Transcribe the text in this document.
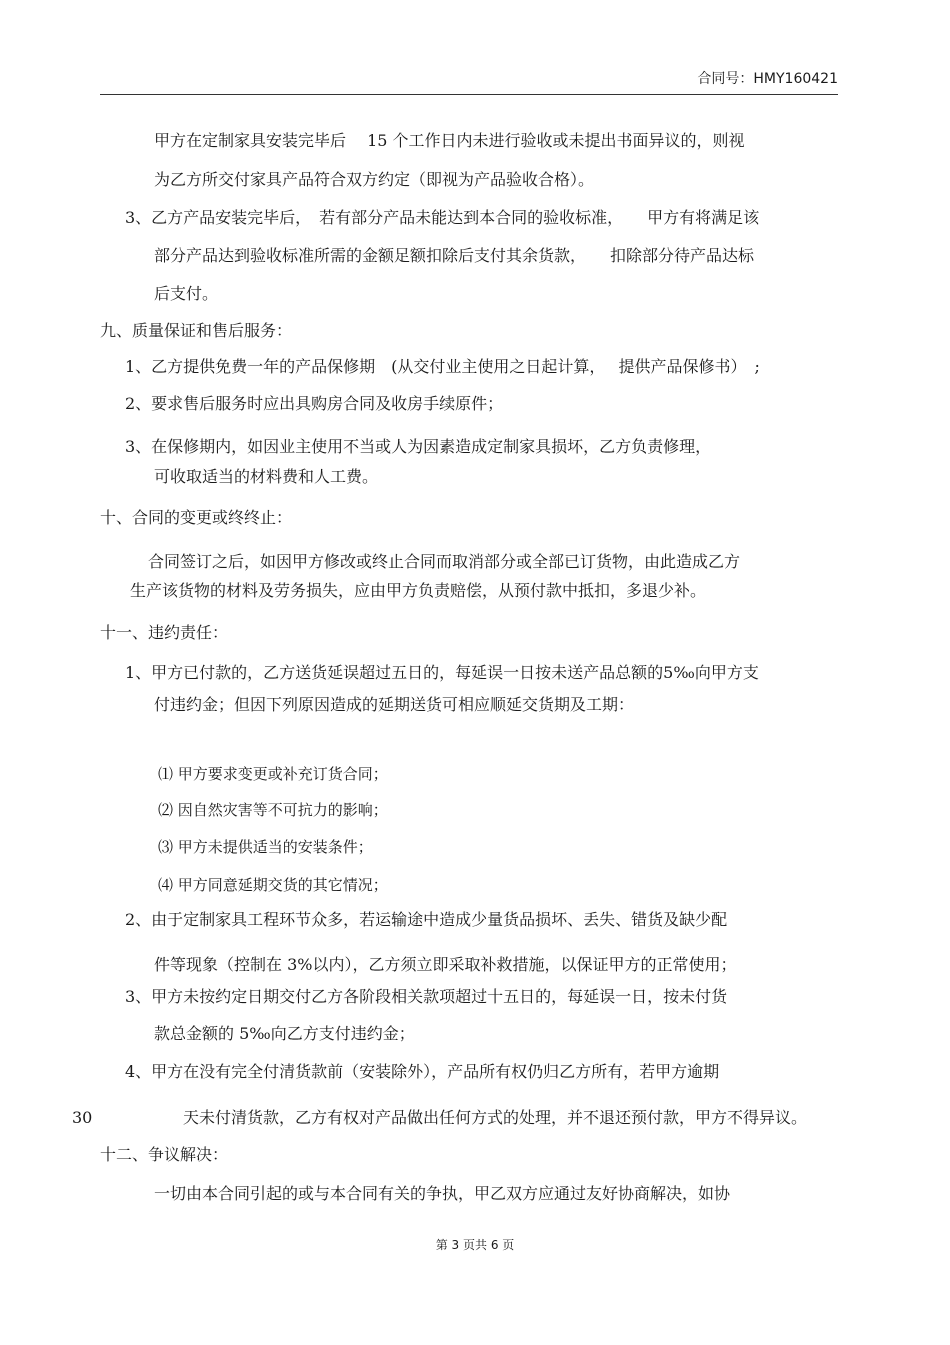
合同号：HMY160421
甲方在定制家具安装完毕后　 15 个工作日内未进行验收或未提出书面异议的，则视
为乙方所交付家具产品符合双方约定（即视为产品验收合格）。
3、乙方产品安装完毕后，　若有部分产品未能达到本合同的验收标准，　　甲方有将满足该
部分产品达到验收标准所需的金额足额扣除后支付其余货款，　　扣除部分待产品达标
后支付。
九、质量保证和售后服务：
1、乙方提供免费一年的产品保修期　(从交付业主使用之日起计算，　 提供产品保修书）　;
2、要求售后服务时应出具购房合同及收房手续原件；
3、在保修期内，如因业主使用不当或人为因素造成定制家具损坏，乙方负责修理，
可收取适当的材料费和人工费。
十、合同的变更或终终止：
合同签订之后，如因甲方修改或终止合同而取消部分或全部已订货物，由此造成乙方
生产该货物的材料及劳务损失，应由甲方负责赔偿，从预付款中抵扣，多退少补。
十一、违约责任：
1、甲方已付款的，乙方送货延误超过五日的，每延误一日按未送产品总额的5‰向甲方支
付违约金；但因下列原因造成的延期送货可相应顺延交货期及工期：
⑴ 甲方要求变更或补充订货合同；
⑵ 因自然灾害等不可抗力的影响；
⑶ 甲方未提供适当的安装条件；
⑷ 甲方同意延期交货的其它情况；
2、由于定制家具工程环节众多，若运输途中造成少量货品损坏、丢失、错货及缺少配
件等现象（控制在 3%以内），乙方须立即采取补救措施，以保证甲方的正常使用；
3、甲方未按约定日期交付乙方各阶段相关款项超过十五日的，每延误一日，按未付货
款总金额的 5‰向乙方支付违约金；
4、甲方在没有完全付清货款前（安装除外），产品所有权仍归乙方所有，若甲方逾期
30	天未付清货款，乙方有权对产品做出任何方式的处理，并不退还预付款，甲方不得异议。
十二、争议解决：
一切由本合同引起的或与本合同有关的争执，甲乙双方应通过友好协商解决，如协
第 3 页共 6 页
